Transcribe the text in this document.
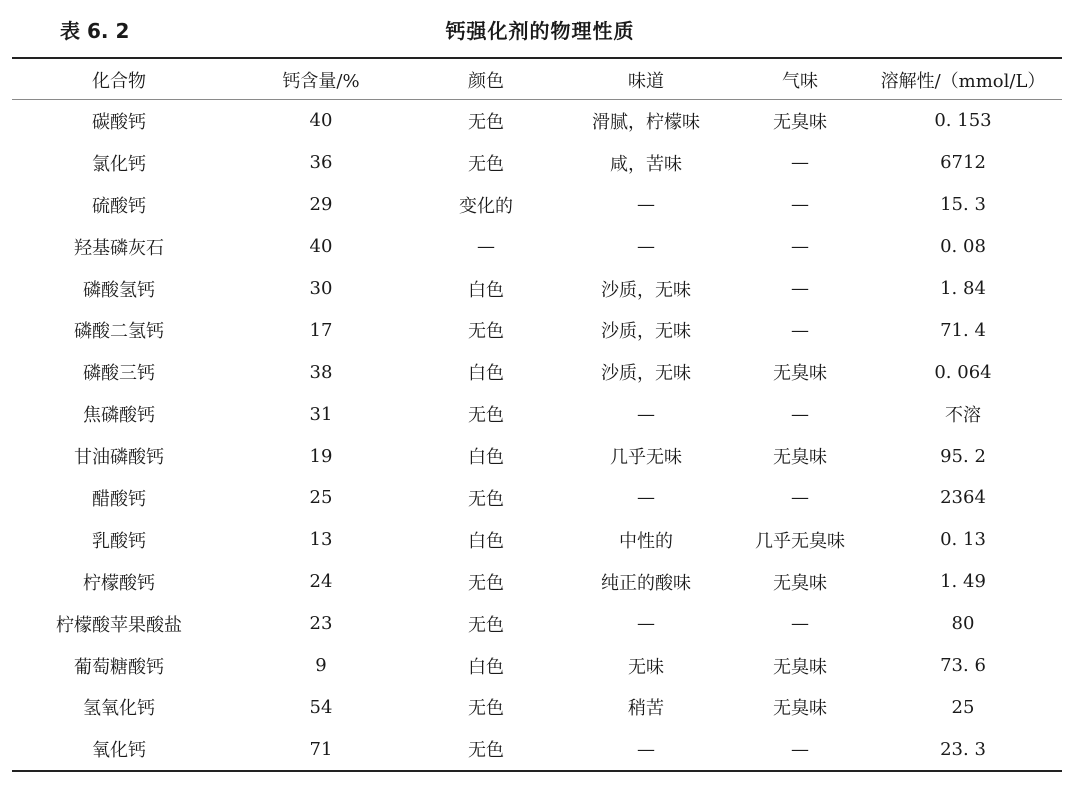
表 6. 2	钙强化剂的物理性质
化合物	钙含量/%	颜色	味道	气味	溶解性/（mmol/L）
碳酸钙	40	无色	滑腻，柠檬味	无臭味	0. 153
氯化钙	36	无色	咸，苦味	—	6712
硫酸钙	29	变化的	—	—	15. 3
羟基磷灰石	40	—	—	—	0. 08
磷酸氢钙	30	白色	沙质，无味	—	1. 84
磷酸二氢钙	17	无色	沙质，无味	—	71. 4
磷酸三钙	38	白色	沙质，无味	无臭味	0. 064
焦磷酸钙	31	无色	—	—	不溶
甘油磷酸钙	19	白色	几乎无味	无臭味	95. 2
醋酸钙	25	无色	—	—	2364
乳酸钙	13	白色	中性的	几乎无臭味	0. 13
柠檬酸钙	24	无色	纯正的酸味	无臭味	1. 49
柠檬酸苹果酸盐	23	无色	—	—	80
葡萄糖酸钙	9	白色	无味	无臭味	73. 6
氢氧化钙	54	无色	稍苦	无臭味	25
氧化钙	71	无色	—	—	23. 3
